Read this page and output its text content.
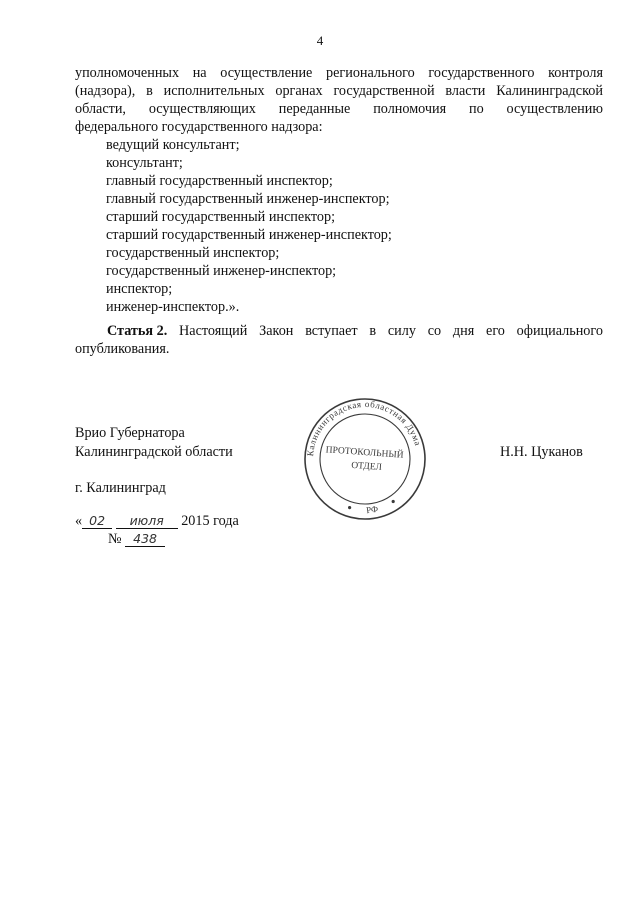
4
уполномоченных на осуществление регионального государственного контроля
(надзора), в исполнительных органах государственной власти Калининградской
области, осуществляющих переданные полномочия по осуществлению
федерального государственного надзора:
ведущий консультант;
консультант;
главный государственный инспектор;
главный государственный инженер-инспектор;
старший государственный инспектор;
старший государственный инженер-инспектор;
государственный инспектор;
государственный инженер-инспектор;
инспектор;
инженер-инспектор.».
Статья 2. Настоящий Закон вступает в силу со дня его официального
опубликования.
Врио Губернатора
Калининградской области	Н.Н. Цуканов
г. Калининград
« 02 июля 2015 года
№ 438
Калининградская областная Дума
ПРОТОКОЛЬНЫЙ
ОТДЕЛ
РФ
